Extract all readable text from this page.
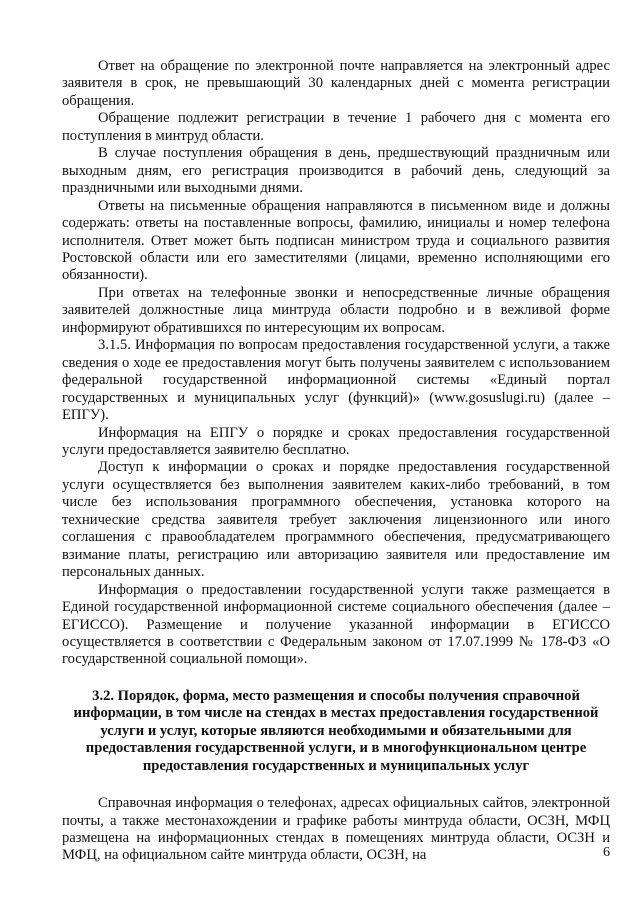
Ответ на обращение по электронной почте направляется на электронный адрес заявителя в срок, не превышающий 30 календарных дней с момента регистрации обращения.

Обращение подлежит регистрации в течение 1 рабочего дня с момента его поступления в минтруд области.

В случае поступления обращения в день, предшествующий праздничным или выходным дням, его регистрация производится в рабочий день, следующий за праздничными или выходными днями.

Ответы на письменные обращения направляются в письменном виде и должны содержать: ответы на поставленные вопросы, фамилию, инициалы и номер телефона исполнителя. Ответ может быть подписан министром труда и социального развития Ростовской области или его заместителями (лицами, временно исполняющими его обязанности).

При ответах на телефонные звонки и непосредственные личные обращения заявителей должностные лица минтруда области подробно и в вежливой форме информируют обратившихся по интересующим их вопросам.

3.1.5. Информация по вопросам предоставления государственной услуги, а также сведения о ходе ее предоставления могут быть получены заявителем с использованием федеральной государственной информационной системы «Единый портал государственных и муниципальных услуг (функций)» (www.gosuslugi.ru) (далее – ЕПГУ).

Информация на ЕПГУ о порядке и сроках предоставления государственной услуги предоставляется заявителю бесплатно.

Доступ к информации о сроках и порядке предоставления государственной услуги осуществляется без выполнения заявителем каких-либо требований, в том числе без использования программного обеспечения, установка которого на технические средства заявителя требует заключения лицензионного или иного соглашения с правообладателем программного обеспечения, предусматривающего взимание платы, регистрацию или авторизацию заявителя или предоставление им персональных данных.

Информация о предоставлении государственной услуги также размещается в Единой государственной информационной системе социального обеспечения (далее – ЕГИССО). Размещение и получение указанной информации в ЕГИССО осуществляется в соответствии с Федеральным законом от 17.07.1999 № 178-ФЗ «О государственной социальной помощи».

3.2. Порядок, форма, место размещения и способы получения справочной информации, в том числе на стендах в местах предоставления государственной услуги и услуг, которые являются необходимыми и обязательными для предоставления государственной услуги, и в многофункциональном центре предоставления государственных и муниципальных услуг

Справочная информация о телефонах, адресах официальных сайтов, электронной почты, а также местонахождении и графике работы минтруда области, ОСЗН, МФЦ размещена на информационных стендах в помещениях минтруда области, ОСЗН и МФЦ, на официальном сайте минтруда области, ОСЗН, на	6
